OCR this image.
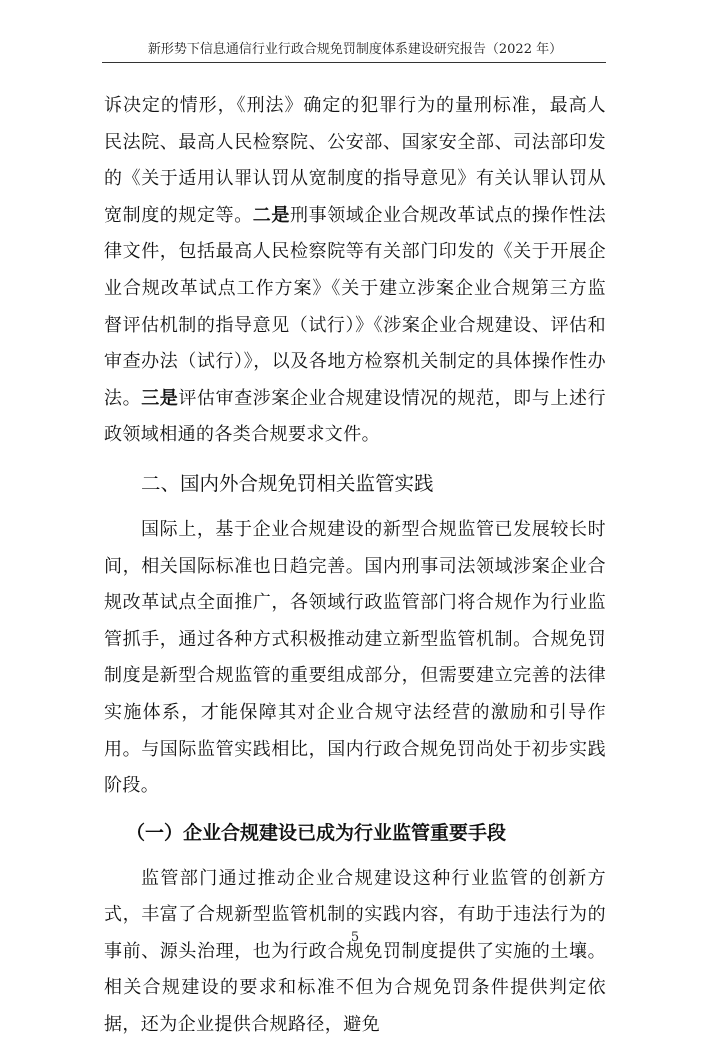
新形势下信息通信行业行政合规免罚制度体系建设研究报告（2022 年）

诉决定的情形，《刑法》确定的犯罪行为的量刑标准，最高人民法院、最高人民检察院、公安部、国家安全部、司法部印发的《关于适用认罪认罚从宽制度的指导意见》有关认罪认罚从宽制度的规定等。二是刑事领域企业合规改革试点的操作性法律文件，包括最高人民检察院等有关部门印发的《关于开展企业合规改革试点工作方案》《关于建立涉案企业合规第三方监督评估机制的指导意见（试行）》《涉案企业合规建设、评估和审查办法（试行）》，以及各地方检察机关制定的具体操作性办法。三是评估审查涉案企业合规建设情况的规范，即与上述行政领域相通的各类合规要求文件。

二、国内外合规免罚相关监管实践

国际上，基于企业合规建设的新型合规监管已发展较长时间，相关国际标准也日趋完善。国内刑事司法领域涉案企业合规改革试点全面推广，各领域行政监管部门将合规作为行业监管抓手，通过各种方式积极推动建立新型监管机制。合规免罚制度是新型合规监管的重要组成部分，但需要建立完善的法律实施体系，才能保障其对企业合规守法经营的激励和引导作用。与国际监管实践相比，国内行政合规免罚尚处于初步实践阶段。

（一）企业合规建设已成为行业监管重要手段

监管部门通过推动企业合规建设这种行业监管的创新方式，丰富了合规新型监管机制的实践内容，有助于违法行为的事前、源头治理，也为行政合规免罚制度提供了实施的土壤。相关合规建设的要求和标准不但为合规免罚条件提供判定依据，还为企业提供合规路径，避免

5
